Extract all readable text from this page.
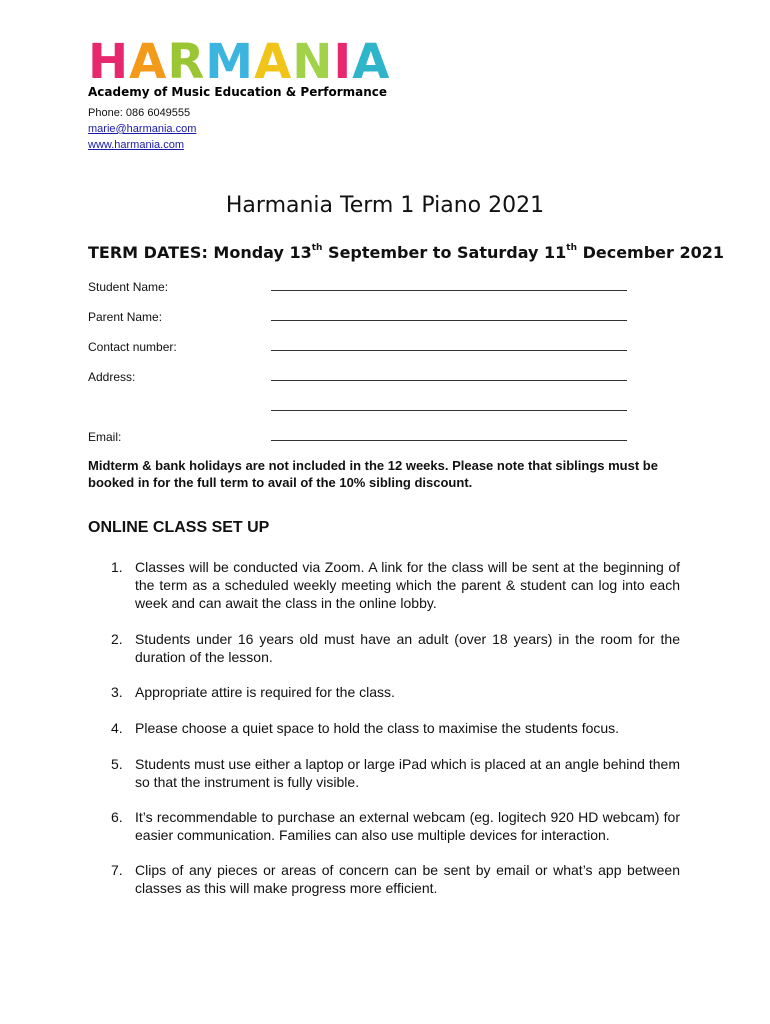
HARMANIA
Academy of Music Education & Performance
Phone: 086 6049555
marie@harmania.com
www.harmania.com
Harmania Term 1 Piano 2021
TERM DATES: Monday 13th September to Saturday 11th December 2021
Student Name:
Parent Name:
Contact number:
Address:
Email:
Midterm & bank holidays are not included in the 12 weeks. Please note that siblings must be booked in for the full term to avail of the 10% sibling discount.
ONLINE CLASS SET UP
1. Classes will be conducted via Zoom. A link for the class will be sent at the beginning of the term as a scheduled weekly meeting which the parent & student can log into each week and can await the class in the online lobby.
2. Students under 16 years old must have an adult (over 18 years) in the room for the duration of the lesson.
3. Appropriate attire is required for the class.
4. Please choose a quiet space to hold the class to maximise the students focus.
5. Students must use either a laptop or large iPad which is placed at an angle behind them so that the instrument is fully visible.
6. It’s recommendable to purchase an external webcam (eg. logitech 920 HD webcam) for easier communication. Families can also use multiple devices for interaction.
7. Clips of any pieces or areas of concern can be sent by email or what’s app between classes as this will make progress more efficient.
